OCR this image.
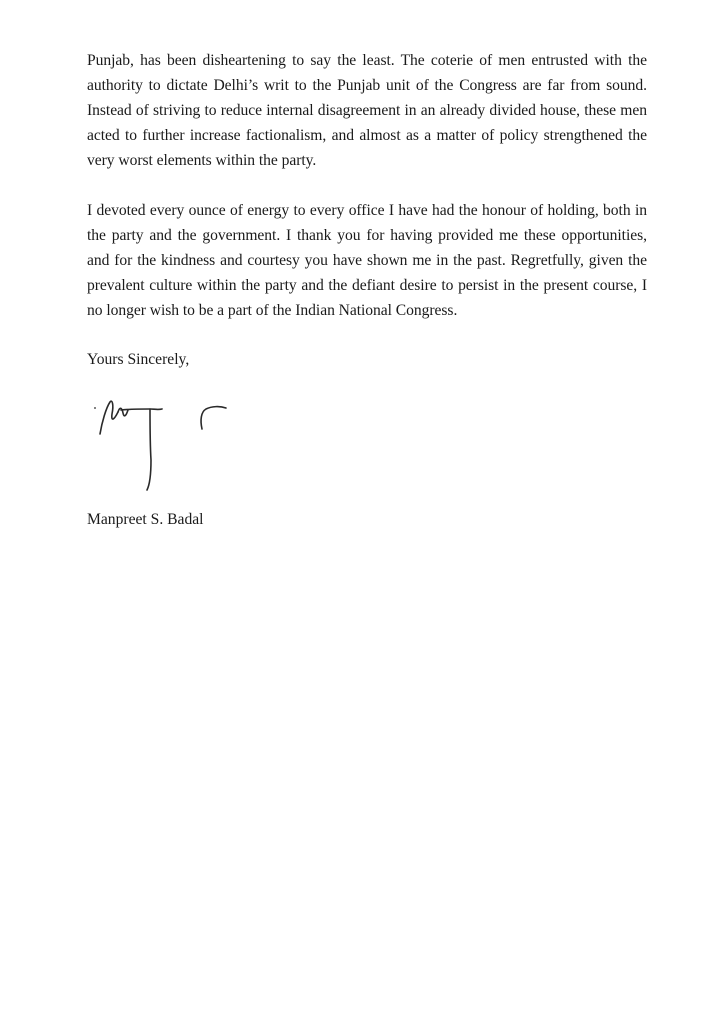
Punjab, has been disheartening to say the least. The coterie of men entrusted with the authority to dictate Delhi’s writ to the Punjab unit of the Congress are far from sound. Instead of striving to reduce internal disagreement in an already divided house, these men acted to further increase factionalism, and almost as a matter of policy strengthened the very worst elements within the party.

I devoted every ounce of energy to every office I have had the honour of holding, both in the party and the government. I thank you for having provided me these opportunities, and for the kindness and courtesy you have shown me in the past. Regretfully, given the prevalent culture within the party and the defiant desire to persist in the present course, I no longer wish to be a part of the Indian National Congress.

Yours Sincerely,

Manpreet S. Badal
